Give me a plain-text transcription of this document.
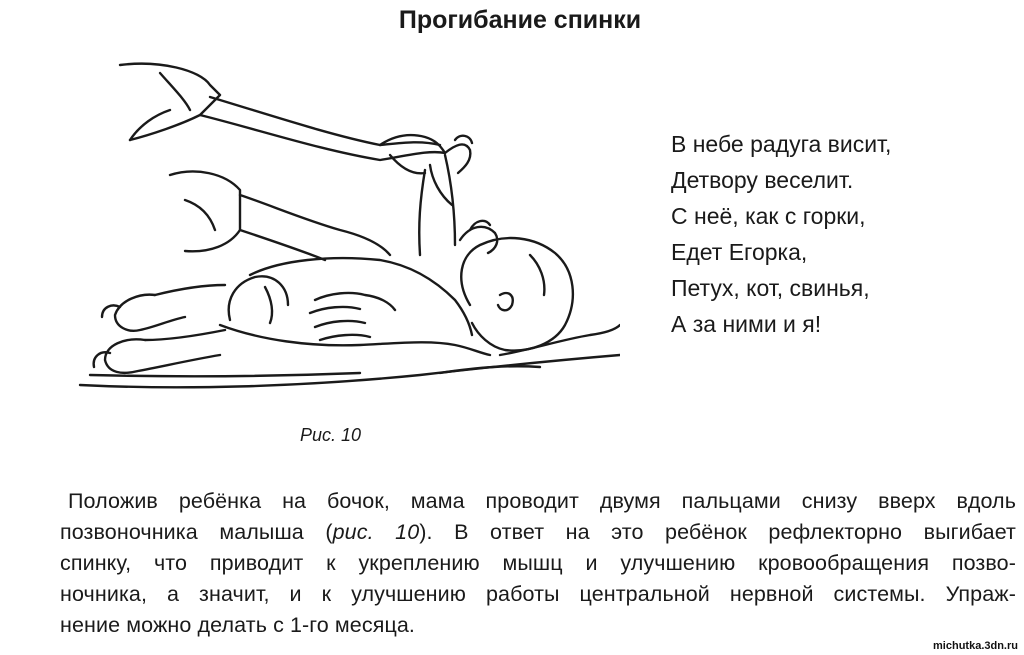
Прогибание спинки
Рис. 10
В небе радуга висит,
Детвору веселит.
С неё, как с горки,
Едет Егорка,
Петух, кот, свинья,
А за ними и я!
Положив ребёнка на бочок, мама проводит двумя пальцами снизу вверх вдоль
позвоночника малыша (рис. 10). В ответ на это ребёнок рефлекторно выгибает
спинку, что приводит к укреплению мышц и улучшению кровообращения позво-
ночника, а значит, и к улучшению работы центральной нервной системы. Упраж-
нение можно делать с 1-го месяца.
michutka.3dn.ru
